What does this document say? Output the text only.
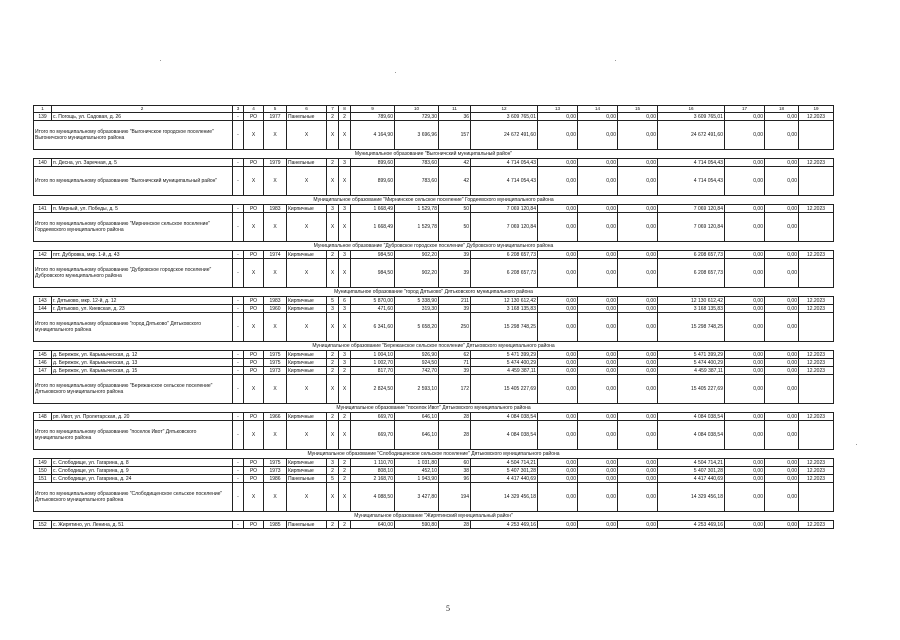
1	2	3	4	5	6	7	8	9	10	11	12	13	14	15	16	17	18	19
139	с. Погощь, ул. Садовая, д. 26	-	РО	1977	Панельные	2	2	789,60	729,30	36	3 609 765,01	0,00	0,00	0,00	3 609 765,01	0,00	0,00	12.2023
Итого по муниципальному образованию "Выгоничское городское поселение" Выгоничского муниципального района		-	X	X	X	X	X	4 164,90	3 696,96	157	24 672 491,60	0,00	0,00	0,00	24 672 491,60	0,00	0,00	
Муниципальное образование "Выгоничский муниципальный район"																		
140	п. Десна, ул. Заречная, д. 5	-	РО	1979	Панельные	2	3	899,60	783,60	42	4 714 054,43	0,00	0,00	0,00	4 714 054,43	0,00	0,00	12.2023
Итого по муниципальному образованию "Выгоничский муниципальный район"		-	X	X	X	X	X	899,60	783,60	42	4 714 054,43	0,00	0,00	0,00	4 714 054,43	0,00	0,00	
Муниципальное образование "Мирнинское сельское поселение" Гордеевского муниципального района																		
141	п. Мирный, ул. Победы, д. 5	-	РО	1983	Кирпичные	3	3	1 668,49	1 529,78	50	7 069 120,84	0,00	0,00	0,00	7 069 120,84	0,00	0,00	12.2023
Итого по муниципальному образованию "Мирнинское сельское поселение" Гордеевского муниципального района		-	X	X	X	X	X	1 668,49	1 529,78	50	7 069 120,84	0,00	0,00	0,00	7 069 120,84	0,00	0,00	
Муниципальное образование "Дубровское городское поселение" Дубровского муниципального района																		
142	пгт. Дубровка, мкр. 1-й, д. 43	-	РО	1974	Кирпичные	2	3	984,50	902,20	39	6 208 657,73	0,00	0,00	0,00	6 208 657,73	0,00	0,00	12.2023
Итого по муниципальному образованию "Дубровское городское поселение" Дубровского муниципального района		-	X	X	X	X	X	984,50	902,20	39	6 208 657,73	0,00	0,00	0,00	6 208 657,73	0,00	0,00	
Муниципальное образование "город Дятьково" Дятьковского муниципального района																		
143	г. Дятьково, мкр. 12-й, д. 12	-	РО	1983	Кирпичные	5	6	5 870,00	5 338,90	211	12 130 612,42	0,00	0,00	0,00	12 130 612,42	0,00	0,00	12.2023
144	г. Дятьково, ул. Киевская, д. 23	-	РО	1960	Кирпичные	3	3	471,60	319,30	39	3 168 135,83	0,00	0,00	0,00	3 168 135,83	0,00	0,00	12.2023
Итого по муниципальному образованию "город Дятьково" Дятьковского муниципального района		-	X	X	X	X	X	6 341,60	5 658,20	250	15 298 748,25	0,00	0,00	0,00	15 298 748,25	0,00	0,00	
Муниципальное образование "Бережанское сельское поселение" Дятьковского муниципального района																		
145	д. Бережок, ул. Карьмыческая, д. 12	-	РО	1975	Кирпичные	2	3	1 004,10	926,90	62	5 471 399,29	0,00	0,00	0,00	5 471 399,29	0,00	0,00	12.2023
146	д. Бережок, ул. Карьмыческая, д. 13	-	РО	1975	Кирпичные	2	3	1 002,70	924,50	71	5 474 400,29	0,00	0,00	0,00	5 474 400,29	0,00	0,00	12.2023
147	д. Бережок, ул. Карьмыческая, д. 15	-	РО	1973	Кирпичные	2	2	817,70	742,70	39	4 459 387,11	0,00	0,00	0,00	4 459 387,11	0,00	0,00	12.2023
Итого по муниципальному образованию "Бережанское сельское поселение" Дятьковского муниципального района		-	X	X	X	X	X	2 824,50	2 593,10	172	15 405 227,69	0,00	0,00	0,00	15 405 227,69	0,00	0,00	
Муниципальное образование "поселок Ивот" Дятьковского муниципального района																		
148	рп. Ивот, ул. Пролетарская, д. 20	-	РО	1966	Кирпичные	2	2	669,70	646,10	28	4 084 038,54	0,00	0,00	0,00	4 084 038,54	0,00	0,00	12.2023
Итого по муниципальному образованию "поселок Ивот" Дятьковского муниципального района		-	X	X	X	X	X	669,70	646,10	28	4 084 038,54	0,00	0,00	0,00	4 084 038,54	0,00	0,00	
Муниципальное образование "Слободищенское сельское поселение" Дятьковского муниципального района																		
149	с. Слободище, ул. Гагарина, д. 8	-	РО	1975	Кирпичные	3	2	1 110,70	1 031,80	60	4 504 714,21	0,00	0,00	0,00	4 504 714,21	0,00	0,00	12.2023
150	с. Слободище, ул. Гагарина, д. 9	-	РО	1973	Кирпичные	2	2	808,10	452,10	38	5 407 301,28	0,00	0,00	0,00	5 407 301,28	0,00	0,00	12.2023
151	с. Слободище, ул. Гагарина, д. 24	-	РО	1986	Панельные	5	2	2 168,70	1 943,90	96	4 417 440,69	0,00	0,00	0,00	4 417 440,69	0,00	0,00	12.2023
Итого по муниципальному образованию "Слободищенское сельское поселение" Дятьковского муниципального района		-	X	X	X	X	X	4 088,50	3 427,80	194	14 329 456,18	0,00	0,00	0,00	14 329 456,18	0,00	0,00	
Муниципальное образование "Жирятинский муниципальный район"																		
152	с. Жирятино, ул. Ленина, д. 51	-	РО	1985	Панельные	2	2	640,00	590,80	28	4 253 469,16	0,00	0,00	0,00	4 253 469,16	0,00	0,00	12.2023
5
